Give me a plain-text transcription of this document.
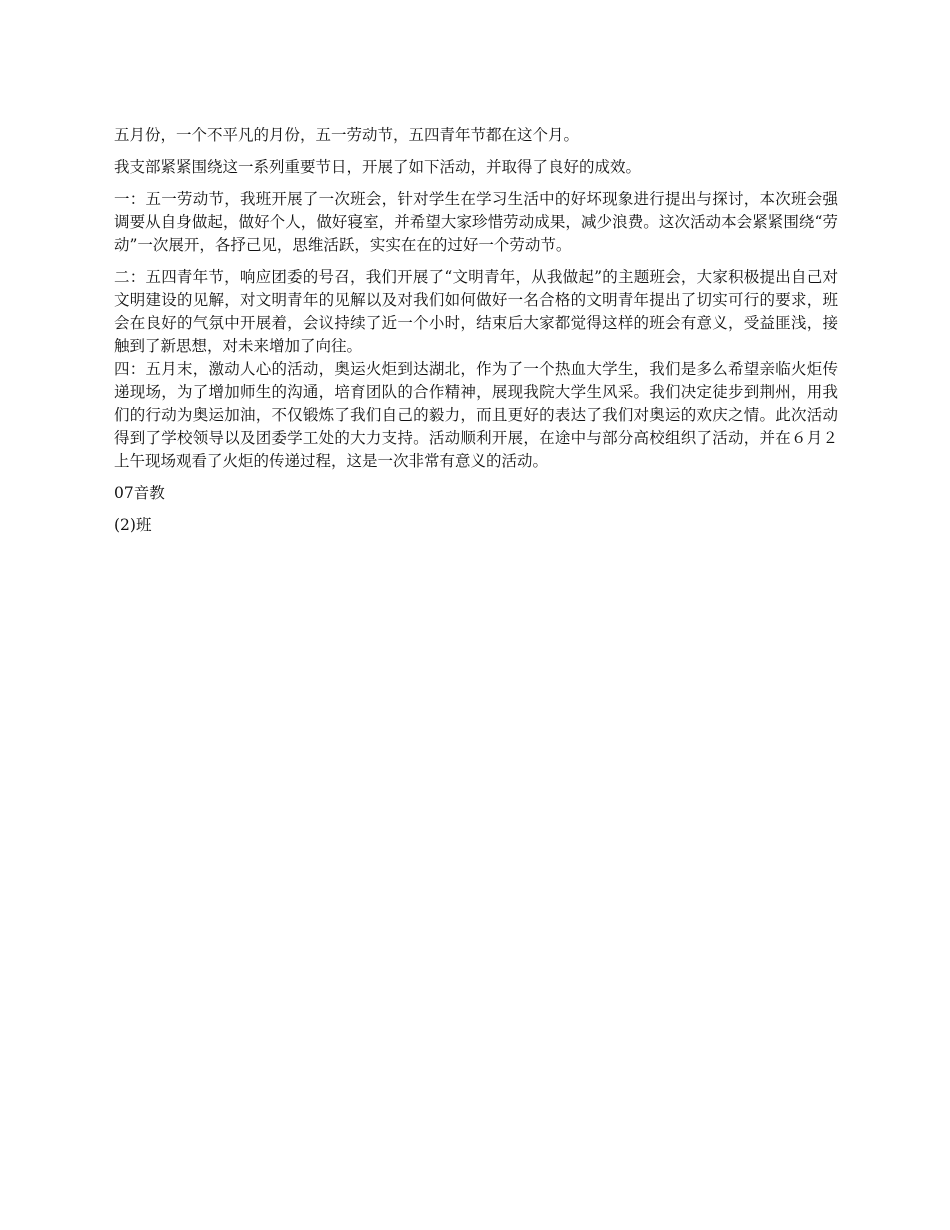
五月份，一个不平凡的月份，五一劳动节，五四青年节都在这个月。

我支部紧紧围绕这一系列重要节日，开展了如下活动，并取得了良好的成效。

一：五一劳动节，我班开展了一次班会，针对学生在学习生活中的好坏现象进行提出与探讨，本次班会强调要从自身做起，做好个人，做好寝室，并希望大家珍惜劳动成果，减少浪费。这次活动本会紧紧围绕“劳动”一次展开，各抒己见，思维活跃，实实在在的过好一个劳动节。

二：五四青年节，响应团委的号召，我们开展了“文明青年，从我做起”的主题班会，大家积极提出自己对文明建设的见解，对文明青年的见解以及对我们如何做好一名合格的文明青年提出了切实可行的要求，班会在良好的气氛中开展着，会议持续了近一个小时，结束后大家都觉得这样的班会有意义，受益匪浅，接触到了新思想，对未来增加了向往。

四：五月末，激动人心的活动，奥运火炬到达湖北，作为了一个热血大学生，我们是多么希望亲临火炬传递现场，为了增加师生的沟通，培育团队的合作精神，展现我院大学生风采。我们决定徒步到荆州，用我们的行动为奥运加油，不仅锻炼了我们自己的毅力，而且更好的表达了我们对奥运的欢庆之情。此次活动得到了学校领导以及团委学工处的大力支持。活动顺利开展，在途中与部分高校组织了活动，并在６月２上午现场观看了火炬的传递过程，这是一次非常有意义的活动。

07音教

(2)班
